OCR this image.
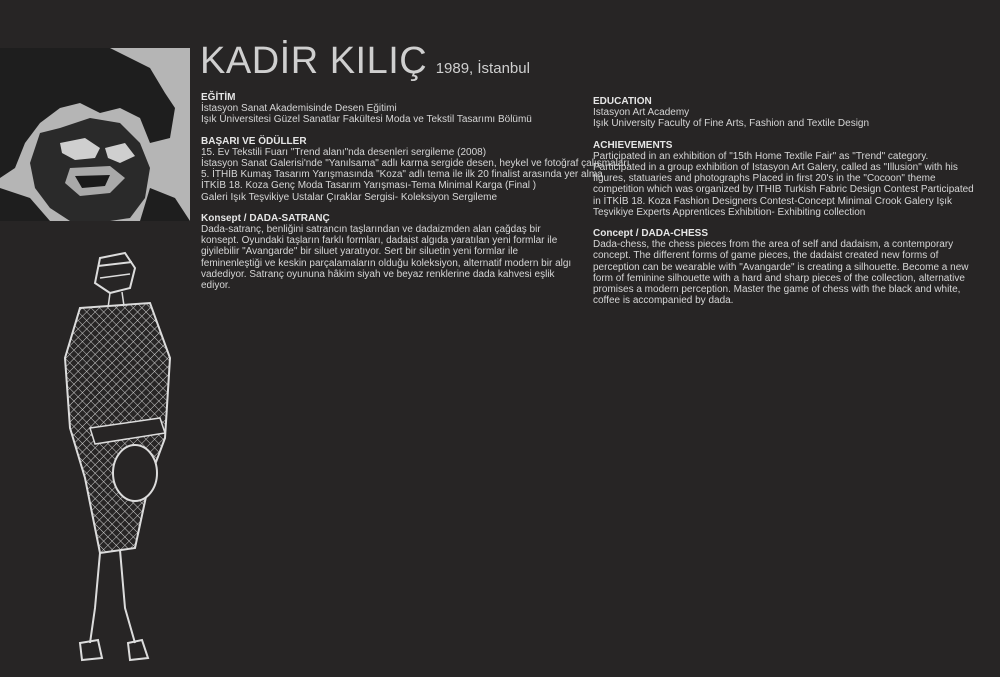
KADİR KILIÇ 1989, İstanbul
EĞİTİM
İstasyon Sanat Akademisinde Desen Eğitimi
Işık Üniversitesi Güzel Sanatlar Fakültesi Moda ve Tekstil Tasarımı Bölümü
BAŞARI VE ÖDÜLLER
15. Ev Tekstili Fuarı "Trend alanı"nda desenleri sergileme (2008)
İstasyon Sanat Galerisi'nde "Yanılsama" adlı karma sergide desen, heykel ve fotoğraf çalışmaları
5. İTHİB Kumaş Tasarım Yarışmasında "Koza" adlı tema ile ilk 20 finalist arasında yer alma
İTKİB 18. Koza Genç Moda Tasarım Yarışması-Tema Minimal Karga (Final )
Galeri Işık Teşvikiye Ustalar Çıraklar Sergisi- Koleksiyon Sergileme
Konsept / DADA-SATRANÇ
Dada-satranç, benliğini satrancın taşlarından ve dadaizmden alan çağdaş bir konsept. Oyundaki taşların farklı formları, dadaist algıda yaratılan yeni formlar ile giyilebilir "Avangarde" bir siluet yaratıyor. Sert bir siluetin yeni formlar ile feminenleştiği ve keskin parçalamaların olduğu koleksiyon, alternatif modern bir algı vadediyor. Satranç oyununa hâkim siyah ve beyaz renklerine dada kahvesi eşlik ediyor.
EDUCATION
Istasyon Art Academy
Işık University Faculty of Fine Arts, Fashion and Textile Design
ACHIEVEMENTS
Participated in an exhibition of "15th Home Textile Fair" as "Trend" category. Participated in a group exhibition of Istasyon Art Galery, called as "Illusion" with his figures, statuaries and photographs Placed in first 20's in the "Cocoon" theme competition which was organized by ITHIB Turkish Fabric Design Contest Participated in İTKİB 18. Koza Fashion Designers Contest-Concept Minimal Crook Galery Işık Teşvikiye Experts Apprentices Exhibition- Exhibiting collection
Concept / DADA-CHESS
Dada-chess, the chess pieces from the area of self and dadaism, a contemporary concept. The different forms of game pieces, the dadaist created new forms of perception can be wearable with "Avangarde" is creating a silhouette. Become a new form of feminine silhouette with a hard and sharp pieces of the collection, alternative promises a modern perception. Master the game of chess with the black and white, coffee is accompanied by dada.
